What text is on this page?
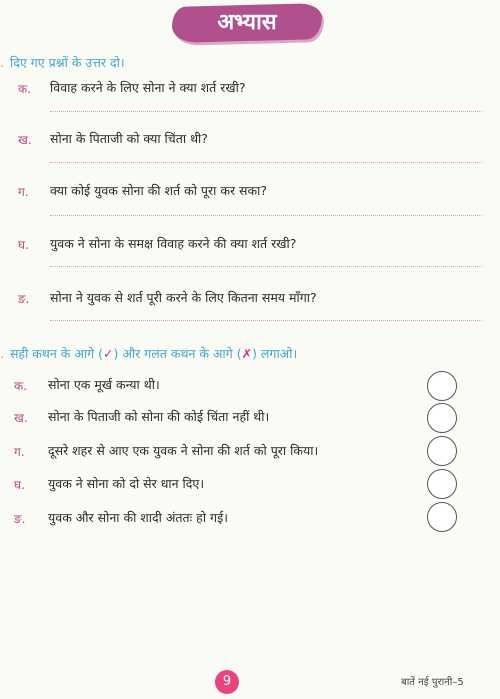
अभ्यास
. दिए गए प्रश्नों के उत्तर दो।
क. विवाह करने के लिए सोना ने क्या शर्त रखी?
ख. सोना के पिताजी को क्या चिंता थी?
ग. क्या कोई युवक सोना की शर्त को पूरा कर सका?
घ. युवक ने सोना के समक्ष विवाह करने की क्या शर्त रखी?
ङ. सोना ने युवक से शर्त पूरी करने के लिए कितना समय माँगा?
. सही कथन के आगे (✓) और गलत कथन के आगे (✗) लगाओ।
क. सोना एक मूर्ख कन्या थी।
ख. सोना के पिताजी को सोना की कोई चिंता नहीं थी।
ग. दूसरे शहर से आए एक युवक ने सोना की शर्त को पूरा किया।
घ. युवक ने सोना को दो सेर धान दिए।
ङ. युवक और सोना की शादी अंततः हो गई।
9	बातें नई पुरानी–5
